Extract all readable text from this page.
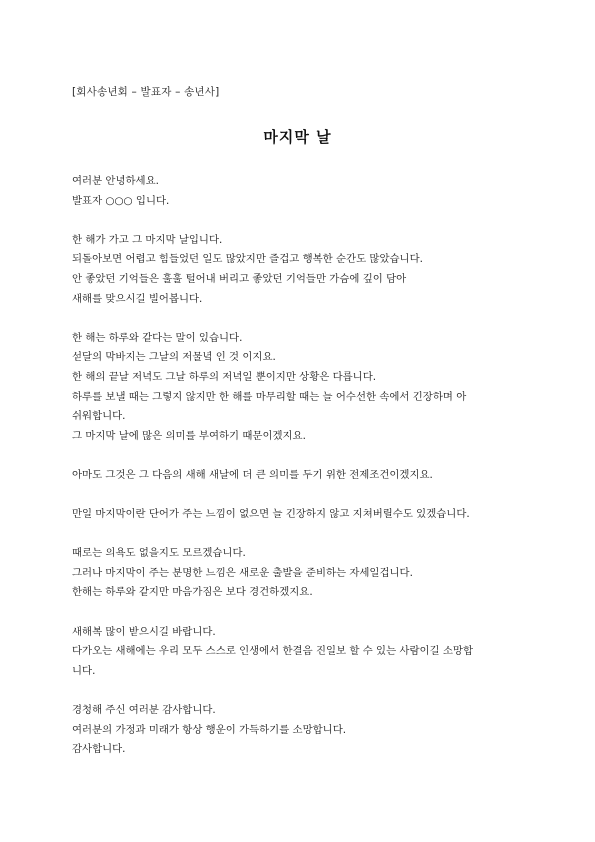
[회사송년회 – 발표자 – 송년사]
마지막 날

여러분 안녕하세요.

발표자 ○○○ 입니다.

한 해가 가고 그 마지막 날입니다.

되돌아보면 어렵고 힘들었던 일도 많았지만 즐겁고 행복한 순간도 많았습니다.

안 좋았던 기억들은 훌훌 털어내 버리고 좋았던 기억들만 가슴에 깊이 담아

새해를 맞으시길 빌어봅니다.

한 해는 하루와 같다는 말이 있습니다.

섣달의 막바지는 그날의 저물녘 인 것 이지요.

한 해의 끝날 저녁도 그날 하루의 저녁일 뿐이지만 상황은 다릅니다.

하루를 보낼 때는 그렇지 않지만 한 해를 마무리할 때는 늘 어수선한 속에서 긴장하며 아

쉬워합니다.

그 마지막 날에 많은 의미를 부여하기 때문이겠지요.

아마도 그것은 그 다음의 새해 새날에 더 큰 의미를 두기 위한 전제조건이겠지요.

만일 마지막이란 단어가 주는 느낌이 없으면 늘 긴장하지 않고 지쳐버릴수도 있겠습니다.

때로는 의욕도 없을지도 모르겠습니다.

그러나 마지막이 주는 분명한 느낌은 새로운 출발을 준비하는 자세일겁니다.

한해는 하루와 같지만 마음가짐은 보다 경건하겠지요.

새해복 많이 받으시길 바랍니다.

다가오는 새해에는 우리 모두 스스로 인생에서 한결음 진일보 할 수 있는 사람이길 소망합

니다.

경청해 주신 여러분 감사합니다.

여러분의 가정과 미래가 항상 행운이 가득하기를 소망합니다.

감사합니다.
